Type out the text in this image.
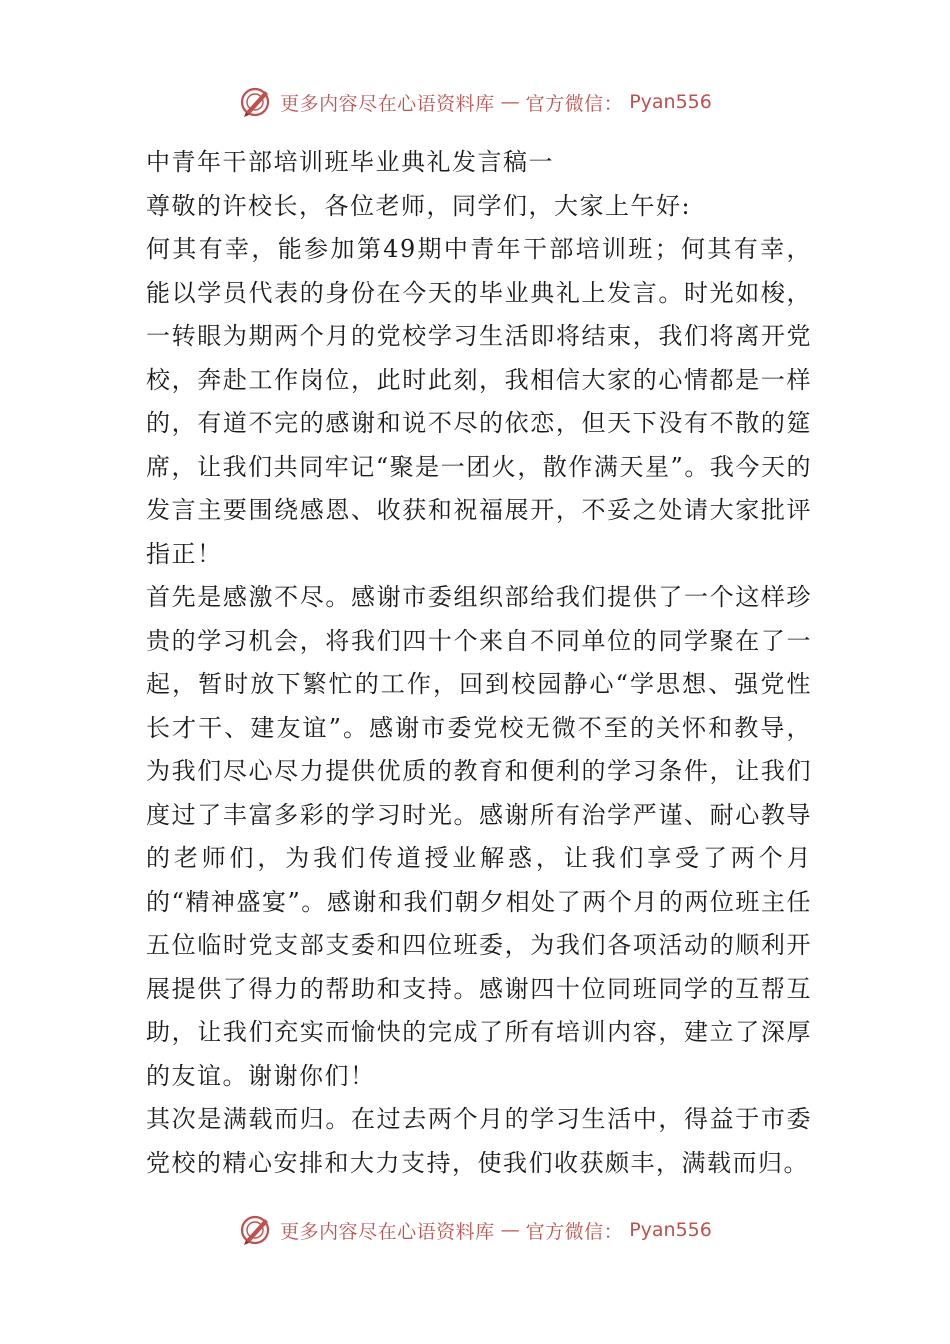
更多内容尽在心语资料库 — 官方微信： Pyan556

中青年干部培训班毕业典礼发言稿一

尊敬的许校长，各位老师，同学们，大家上午好:

何其有幸，能参加第49期中青年干部培训班；何其有幸，能以学员代表的身份在今天的毕业典礼上发言。时光如梭，一转眼为期两个月的党校学习生活即将结束，我们将离开党校，奔赴工作岗位，此时此刻，我相信大家的心情都是一样的，有道不完的感谢和说不尽的依恋，但天下没有不散的筵席，让我们共同牢记“聚是一团火，散作满天星”。我今天的发言主要围绕感恩、收获和祝福展开，不妥之处请大家批评指正！

首先是感激不尽。感谢市委组织部给我们提供了一个这样珍贵的学习机会，将我们四十个来自不同单位的同学聚在了一起，暂时放下繁忙的工作，回到校园静心“学思想、强党性长才干、建友谊”。感谢市委党校无微不至的关怀和教导，为我们尽心尽力提供优质的教育和便利的学习条件，让我们度过了丰富多彩的学习时光。感谢所有治学严谨、耐心教导的老师们，为我们传道授业解惑，让我们享受了两个月的“精神盛宴”。感谢和我们朝夕相处了两个月的两位班主任五位临时党支部支委和四位班委，为我们各项活动的顺利开展提供了得力的帮助和支持。感谢四十位同班同学的互帮互助，让我们充实而愉快的完成了所有培训内容，建立了深厚的友谊。谢谢你们！

其次是满载而归。在过去两个月的学习生活中，得益于市委党校的精心安排和大力支持，使我们收获颇丰，满载而归。

更多内容尽在心语资料库 — 官方微信： Pyan556
